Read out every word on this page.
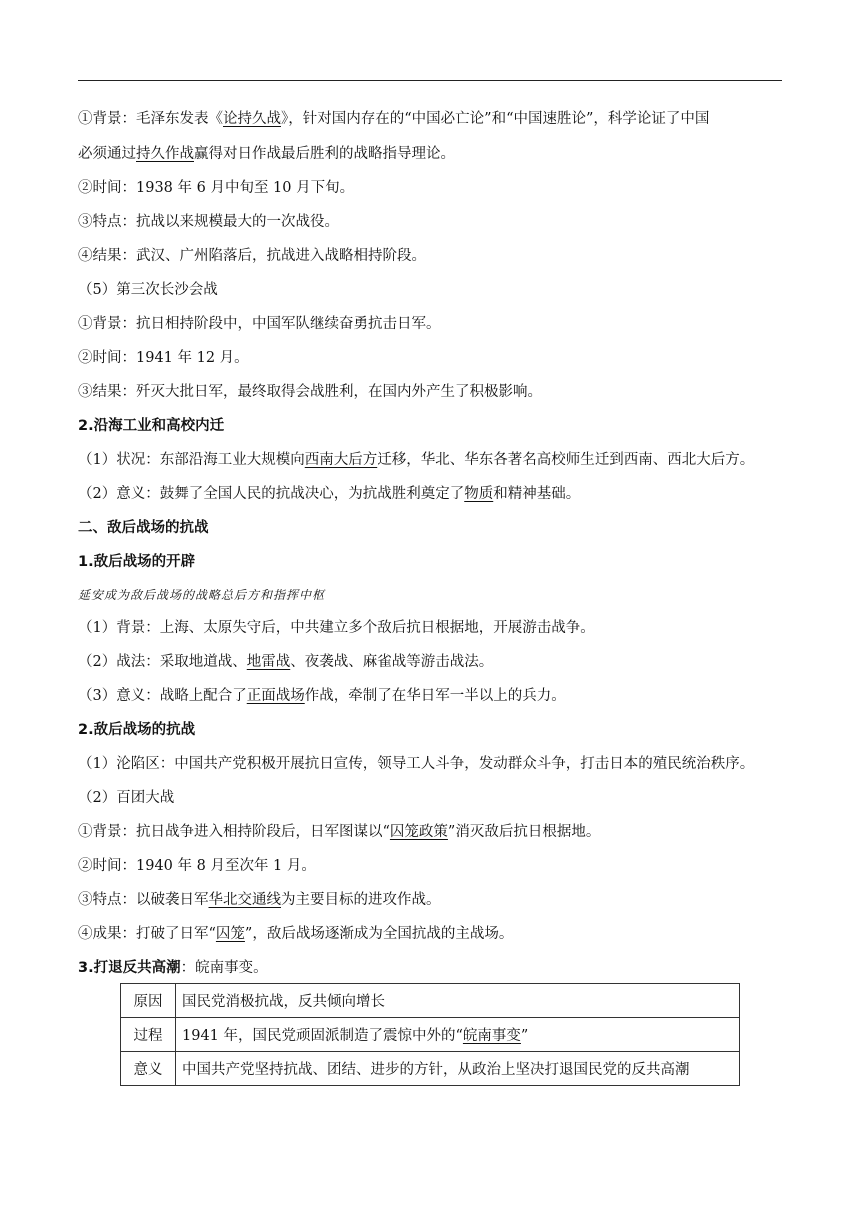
①背景：毛泽东发表《论持久战》，针对国内存在的“中国必亡论”和“中国速胜论”，科学论证了中国
必须通过持久作战赢得对日作战最后胜利的战略指导理论。
②时间：1938 年 6 月中旬至 10 月下旬。
③特点：抗战以来规模最大的一次战役。
④结果：武汉、广州陷落后，抗战进入战略相持阶段。
（5）第三次长沙会战
①背景：抗日相持阶段中，中国军队继续奋勇抗击日军。
②时间：1941 年 12 月。
③结果：歼灭大批日军，最终取得会战胜利，在国内外产生了积极影响。
2.沿海工业和高校内迁
（1）状况：东部沿海工业大规模向西南大后方迁移，华北、华东各著名高校师生迁到西南、西北大后方。
（2）意义：鼓舞了全国人民的抗战决心，为抗战胜利奠定了物质和精神基础。
二、敌后战场的抗战
1.敌后战场的开辟
延安成为敌后战场的战略总后方和指挥中枢
（1）背景：上海、太原失守后，中共建立多个敌后抗日根据地，开展游击战争。
（2）战法：采取地道战、地雷战、夜袭战、麻雀战等游击战法。
（3）意义：战略上配合了正面战场作战，牵制了在华日军一半以上的兵力。
2.敌后战场的抗战
（1）沦陷区：中国共产党积极开展抗日宣传，领导工人斗争，发动群众斗争，打击日本的殖民统治秩序。
（2）百团大战
①背景：抗日战争进入相持阶段后，日军图谋以“囚笼政策”消灭敌后抗日根据地。
②时间：1940 年 8 月至次年 1 月。
③特点：以破袭日军华北交通线为主要目标的进攻作战。
④成果：打破了日军“囚笼”，敌后战场逐渐成为全国抗战的主战场。
3.打退反共高潮：皖南事变。
原因	国民党消极抗战，反共倾向增长
过程	1941 年，国民党顽固派制造了震惊中外的“皖南事变”
意义	中国共产党坚持抗战、团结、进步的方针，从政治上坚决打退国民党的反共高潮
